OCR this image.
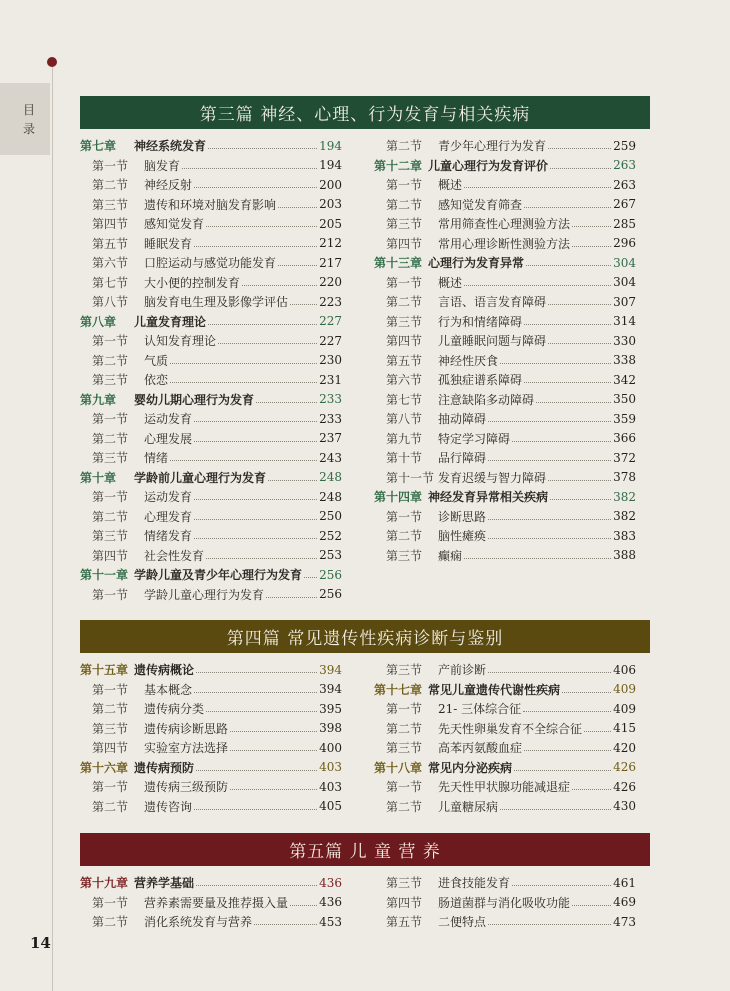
目录
第三篇 神经、心理、行为发育与相关疾病
第七章 神经系统发育	194
第一节 脑发育	194
第二节 神经反射	200
第三节 遗传和环境对脑发育影响	203
第四节 感知觉发育	205
第五节 睡眠发育	212
第六节 口腔运动与感觉功能发育	217
第七节 大小便的控制发育	220
第八节 脑发育电生理及影像学评估	223
第八章 儿童发育理论	227
第一节 认知发育理论	227
第二节 气质	230
第三节 依恋	231
第九章 婴幼儿期心理行为发育	233
第一节 运动发育	233
第二节 心理发展	237
第三节 情绪	243
第十章 学龄前儿童心理行为发育	248
第一节 运动发育	248
第二节 心理发育	250
第三节 情绪发育	252
第四节 社会性发育	253
第十一章 学龄儿童及青少年心理行为发育 256
第一节 学龄儿童心理行为发育	256
第二节 青少年心理行为发育	259
第十二章 儿童心理行为发育评价	263
第一节 概述	263
第二节 感知觉发育筛查	267
第三节 常用筛查性心理测验方法	285
第四节 常用心理诊断性测验方法	296
第十三章 心理行为发育异常	304
第一节 概述	304
第二节 言语、语言发育障碍	307
第三节 行为和情绪障碍	314
第四节 儿童睡眠问题与障碍	330
第五节 神经性厌食	338
第六节 孤独症谱系障碍	342
第七节 注意缺陷多动障碍	350
第八节 抽动障碍	359
第九节 特定学习障碍	366
第十节 品行障碍	372
第十一节 发育迟缓与智力障碍	378
第十四章 神经发育异常相关疾病	382
第一节 诊断思路	382
第二节 脑性瘫痪	383
第三节 癫痫	388
第四篇 常见遗传性疾病诊断与鉴别
第十五章 遗传病概论	394
第一节 基本概念	394
第二节 遗传病分类	395
第三节 遗传病诊断思路	398
第四节 实验室方法选择	400
第十六章 遗传病预防	403
第一节 遗传病三级预防	403
第二节 遗传咨询	405
第三节 产前诊断	406
第十七章 常见儿童遗传代谢性疾病	409
第一节 21- 三体综合征	409
第二节 先天性卵巢发育不全综合征	415
第三节 高苯丙氨酸血症	420
第十八章 常见内分泌疾病	426
第一节 先天性甲状腺功能减退症	426
第二节 儿童糖尿病	430
第五篇 儿 童 营 养
第十九章 营养学基础	436
第一节 营养素需要量及推荐摄入量	436
第二节 消化系统发育与营养	453
第三节 进食技能发育	461
第四节 肠道菌群与消化吸收功能	469
第五节 二便特点	473
14
